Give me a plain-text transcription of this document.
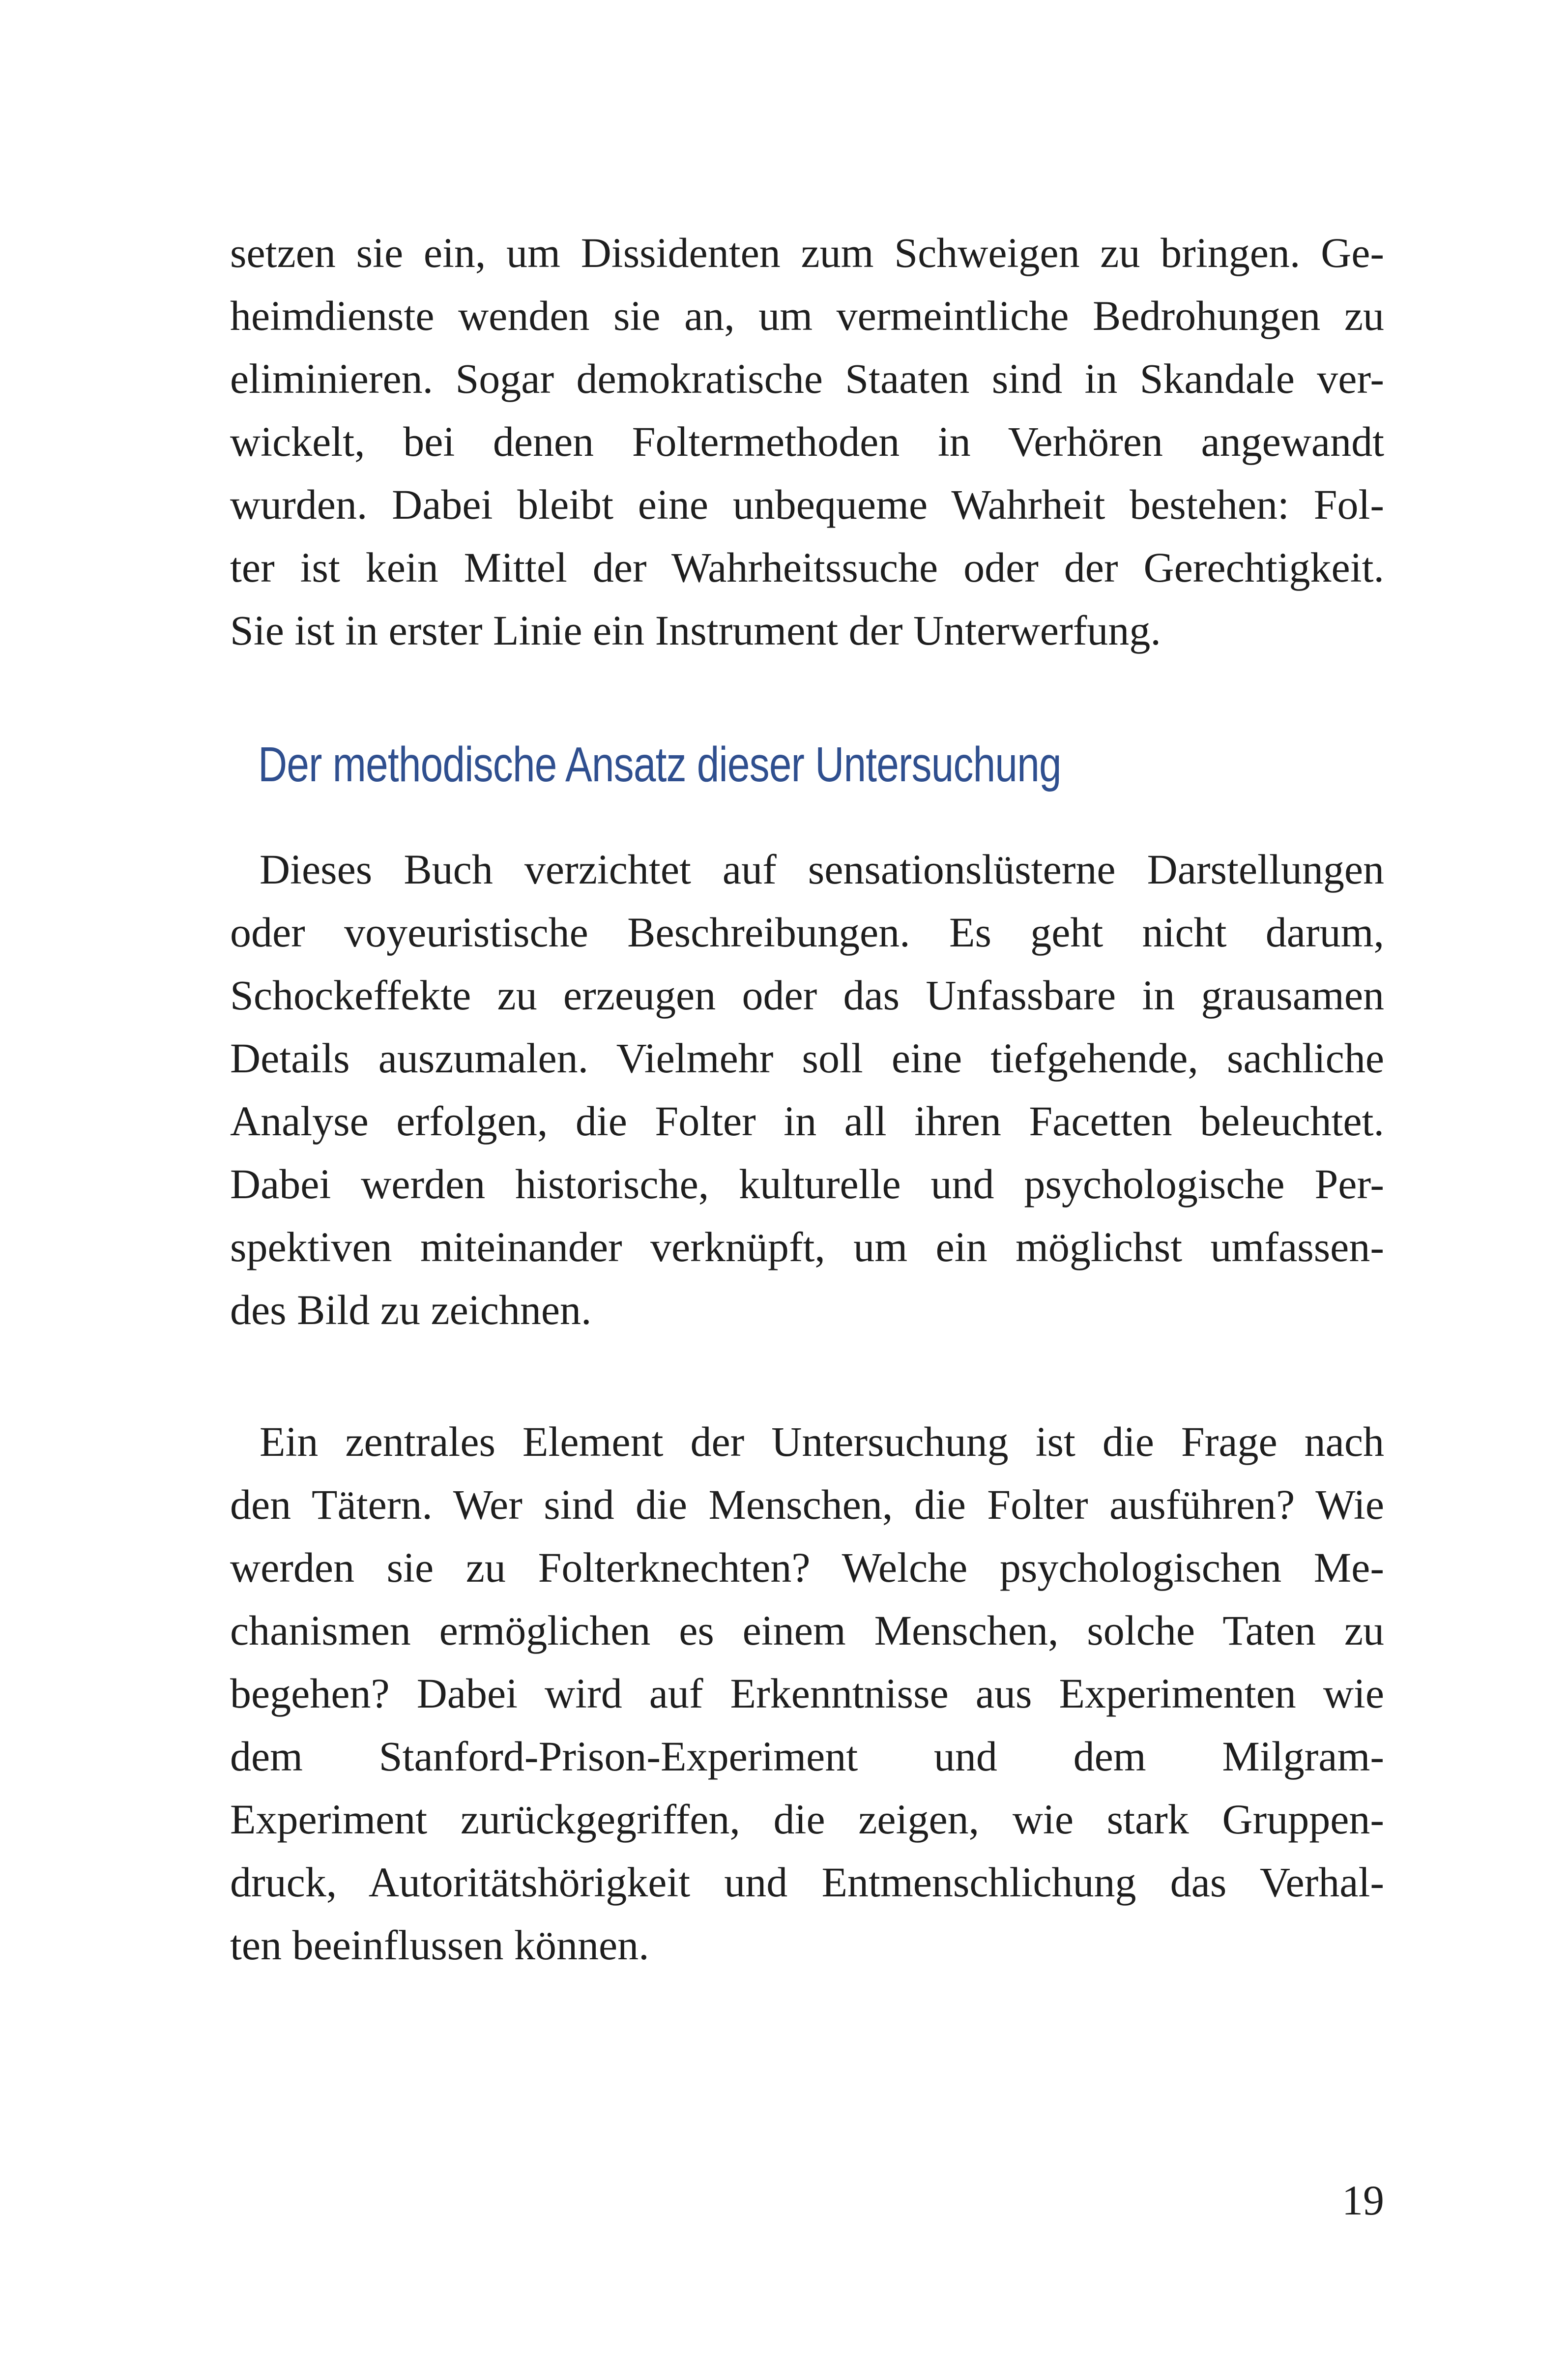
setzen sie ein, um Dissidenten zum Schweigen zu bringen. Ge-
heimdienste wenden sie an, um vermeintliche Bedrohungen zu
eliminieren. Sogar demokratische Staaten sind in Skandale ver-
wickelt, bei denen Foltermethoden in Verhören angewandt
wurden. Dabei bleibt eine unbequeme Wahrheit bestehen: Fol-
ter ist kein Mittel der Wahrheitssuche oder der Gerechtigkeit.
Sie ist in erster Linie ein Instrument der Unterwerfung.
Der methodische Ansatz dieser Untersuchung
Dieses Buch verzichtet auf sensationslüsterne Darstellungen
oder voyeuristische Beschreibungen. Es geht nicht darum,
Schockeffekte zu erzeugen oder das Unfassbare in grausamen
Details auszumalen. Vielmehr soll eine tiefgehende, sachliche
Analyse erfolgen, die Folter in all ihren Facetten beleuchtet.
Dabei werden historische, kulturelle und psychologische Per-
spektiven miteinander verknüpft, um ein möglichst umfassen-
des Bild zu zeichnen.
Ein zentrales Element der Untersuchung ist die Frage nach
den Tätern. Wer sind die Menschen, die Folter ausführen? Wie
werden sie zu Folterknechten? Welche psychologischen Me-
chanismen ermöglichen es einem Menschen, solche Taten zu
begehen? Dabei wird auf Erkenntnisse aus Experimenten wie
dem Stanford-Prison-Experiment und dem Milgram-
Experiment zurückgegriffen, die zeigen, wie stark Gruppen-
druck, Autoritätshörigkeit und Entmenschlichung das Verhal-
ten beeinflussen können.
19
